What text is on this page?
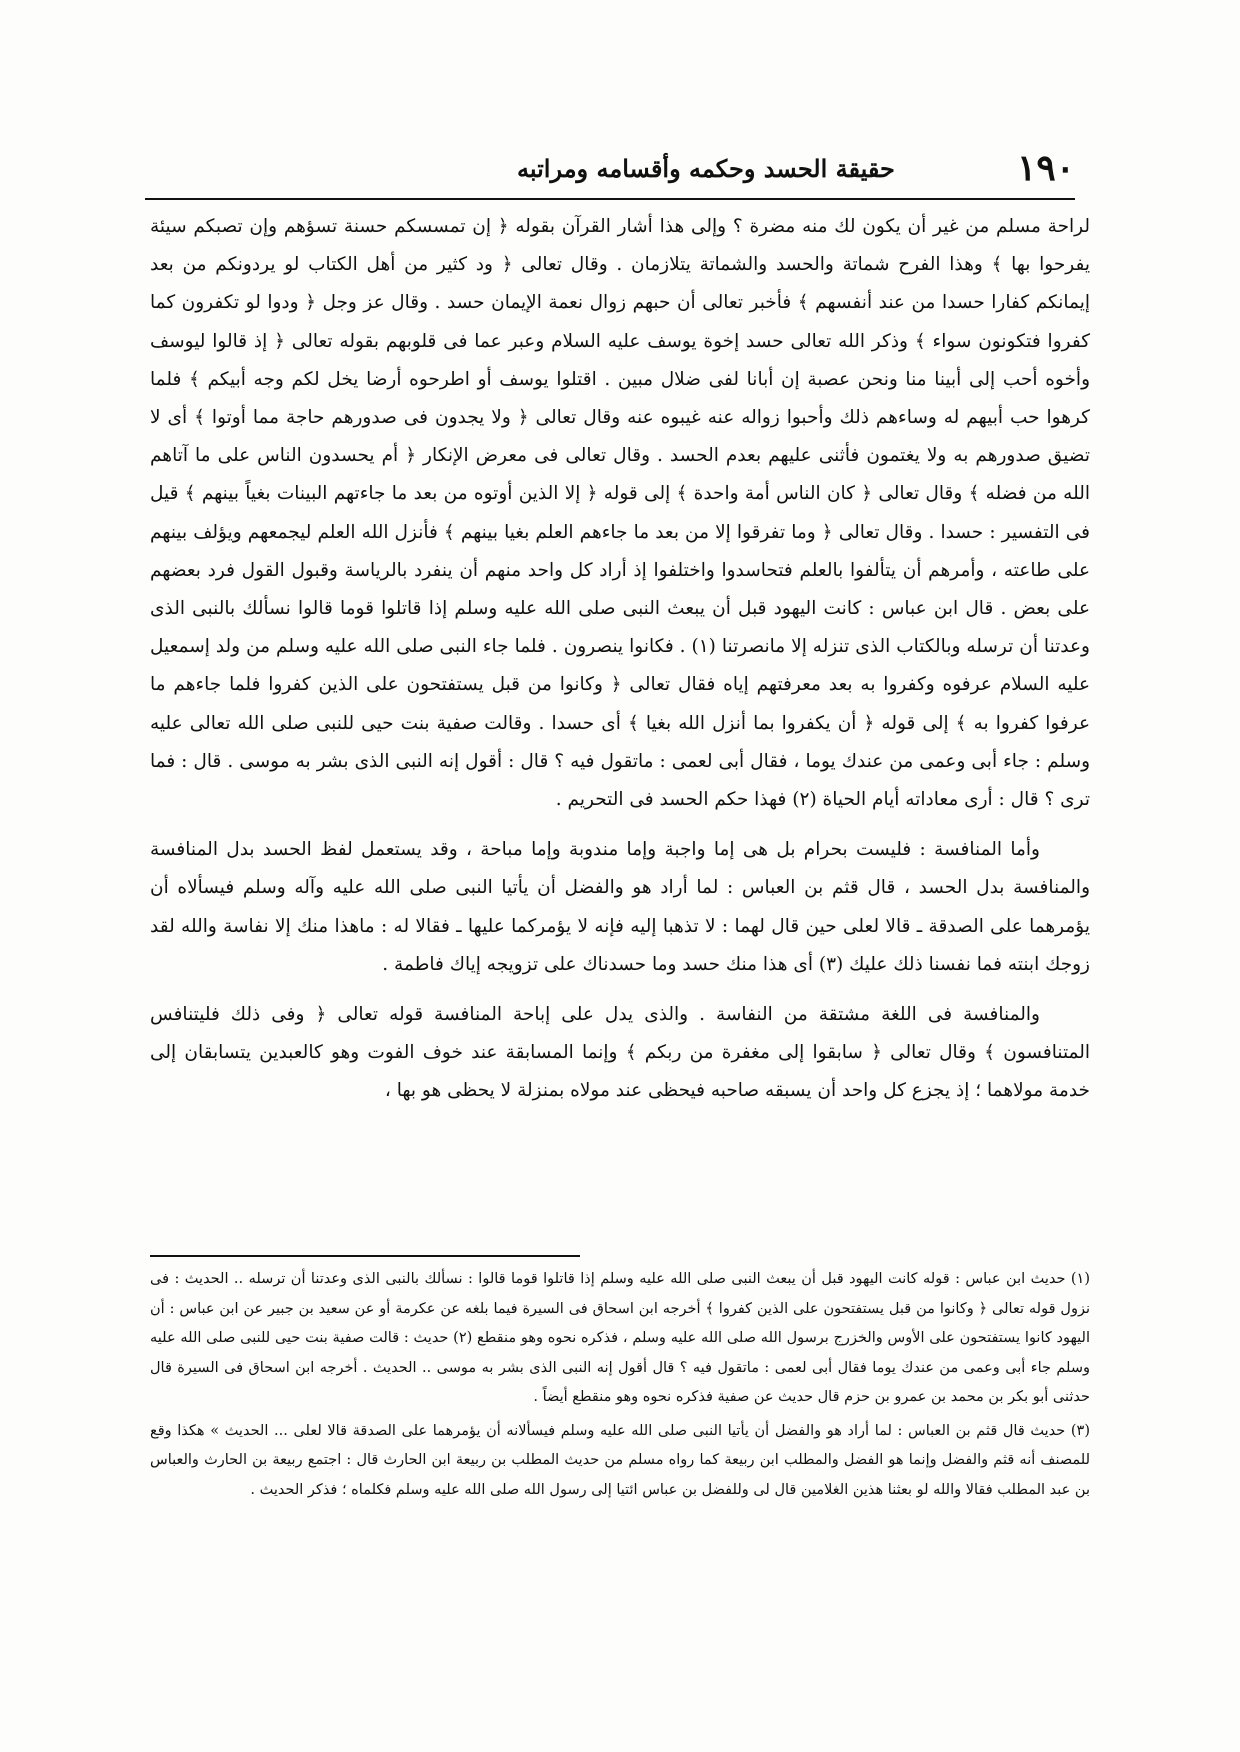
١٩٠
حقيقة الحسد وحكمه وأقسامه ومراتبه

لراحة مسلم من غير أن يكون لك منه مضرة ؟ وإلى هذا أشار القرآن بقوله ﴿ إن تمسسكم حسنة تسؤهم وإن تصبكم سيئة يفرحوا بها ﴾ وهذا الفرح شماتة والحسد والشماتة يتلازمان . وقال تعالى ﴿ ود كثير من أهل الكتاب لو يردونكم من بعد إيمانكم كفارا حسدا من عند أنفسهم ﴾ فأخبر تعالى أن حبهم زوال نعمة الإيمان حسد . وقال عز وجل ﴿ ودوا لو تكفرون كما كفروا فتكونون سواء ﴾ وذكر الله تعالى حسد إخوة يوسف عليه السلام وعبر عما فى قلوبهم بقوله تعالى ﴿ إذ قالوا ليوسف وأخوه أحب إلى أبينا منا ونحن عصبة إن أبانا لفى ضلال مبين . اقتلوا يوسف أو اطرحوه أرضا يخل لكم وجه أبيكم ﴾ فلما كرهوا حب أبيهم له وساءهم ذلك وأحبوا زواله عنه غيبوه عنه وقال تعالى ﴿ ولا يجدون فى صدورهم حاجة مما أوتوا ﴾ أى لا تضيق صدورهم به ولا يغتمون فأثنى عليهم بعدم الحسد . وقال تعالى فى معرض الإنكار ﴿ أم يحسدون الناس على ما آتاهم الله من فضله ﴾ وقال تعالى ﴿ كان الناس أمة واحدة ﴾ إلى قوله ﴿ إلا الذين أوتوه من بعد ما جاءتهم البينات بغياً بينهم ﴾ قيل فى التفسير : حسدا . وقال تعالى ﴿ وما تفرقوا إلا من بعد ما جاءهم العلم بغيا بينهم ﴾ فأنزل الله العلم ليجمعهم ويؤلف بينهم على طاعته ، وأمرهم أن يتألفوا بالعلم فتحاسدوا واختلفوا إذ أراد كل واحد منهم أن ينفرد بالرياسة وقبول القول فرد بعضهم على بعض . قال ابن عباس : كانت اليهود قبل أن يبعث النبى صلى الله عليه وسلم إذا قاتلوا قوما قالوا نسألك بالنبى الذى وعدتنا أن ترسله وبالكتاب الذى تنزله إلا مانصرتنا (١) . فكانوا ينصرون . فلما جاء النبى صلى الله عليه وسلم من ولد إسمعيل عليه السلام عرفوه وكفروا به بعد معرفتهم إياه فقال تعالى ﴿ وكانوا من قبل يستفتحون على الذين كفروا فلما جاءهم ما عرفوا كفروا به ﴾ إلى قوله ﴿ أن يكفروا بما أنزل الله بغيا ﴾ أى حسدا . وقالت صفية بنت حيى للنبى صلى الله تعالى عليه وسلم : جاء أبى وعمى من عندك يوما ، فقال أبى لعمى : ماتقول فيه ؟ قال : أقول إنه النبى الذى بشر به موسى . قال : فما ترى ؟ قال : أرى معاداته أيام الحياة (٢) فهذا حكم الحسد فى التحريم .

وأما المنافسة : فليست بحرام بل هى إما واجبة وإما مندوبة وإما مباحة ، وقد يستعمل لفظ الحسد بدل المنافسة والمنافسة بدل الحسد ، قال قثم بن العباس : لما أراد هو والفضل أن يأتيا النبى صلى الله عليه وآله وسلم فيسألاه أن يؤمرهما على الصدقة ـ قالا لعلى حين قال لهما : لا تذهبا إليه فإنه لا يؤمركما عليها ـ فقالا له : ماهذا منك إلا نفاسة والله لقد زوجك ابنته فما نفسنا ذلك عليك (٣) أى هذا منك حسد وما حسدناك على تزويجه إياك فاطمة .

والمنافسة فى اللغة مشتقة من النفاسة . والذى يدل على إباحة المنافسة قوله تعالى ﴿ وفى ذلك فليتنافس المتنافسون ﴾ وقال تعالى ﴿ سابقوا إلى مغفرة من ربكم ﴾ وإنما المسابقة عند خوف الفوت وهو كالعبدين يتسابقان إلى خدمة مولاهما ؛ إذ يجزع كل واحد أن يسبقه صاحبه فيحظى عند مولاه بمنزلة لا يحظى هو بها ،

(١) حديث ابن عباس : قوله كانت اليهود قبل أن يبعث النبى صلى الله عليه وسلم إذا قاتلوا قوما قالوا : نسألك بالنبى الذى وعدتنا أن ترسله .. الحديث : فى نزول قوله تعالى ﴿ وكانوا من قبل يستفتحون على الذين كفروا ﴾ أخرجه ابن اسحاق فى السيرة فيما بلغه عن عكرمة أو عن سعيد بن جبير عن ابن عباس : أن اليهود كانوا يستفتحون على الأوس والخزرج برسول الله صلى الله عليه وسلم ، فذكره نحوه وهو منقطع (٢) حديث : قالت صفية بنت حيى للنبى صلى الله عليه وسلم جاء أبى وعمى من عندك يوما فقال أبى لعمى : ماتقول فيه ؟ قال أقول إنه النبى الذى بشر به موسى .. الحديث . أخرجه ابن اسحاق فى السيرة قال حدثنى أبو بكر بن محمد بن عمرو بن حزم قال حديث عن صفية فذكره نحوه وهو منقطع أيضاً .

(٣) حديث قال قثم بن العباس : لما أراد هو والفضل أن يأتيا النبى صلى الله عليه وسلم فيسألانه أن يؤمرهما على الصدقة قالا لعلى ... الحديث » هكذا وقع للمصنف أنه قثم والفضل وإنما هو الفضل والمطلب ابن ربيعة كما رواه مسلم من حديث المطلب بن ربيعة ابن الحارث قال : اجتمع ربيعة بن الحارث والعباس بن عبد المطلب فقالا والله لو بعثنا هذين الغلامين قال لى وللفضل بن عباس ائتيا إلى رسول الله صلى الله عليه وسلم فكلماه ؛ فذكر الحديث .
